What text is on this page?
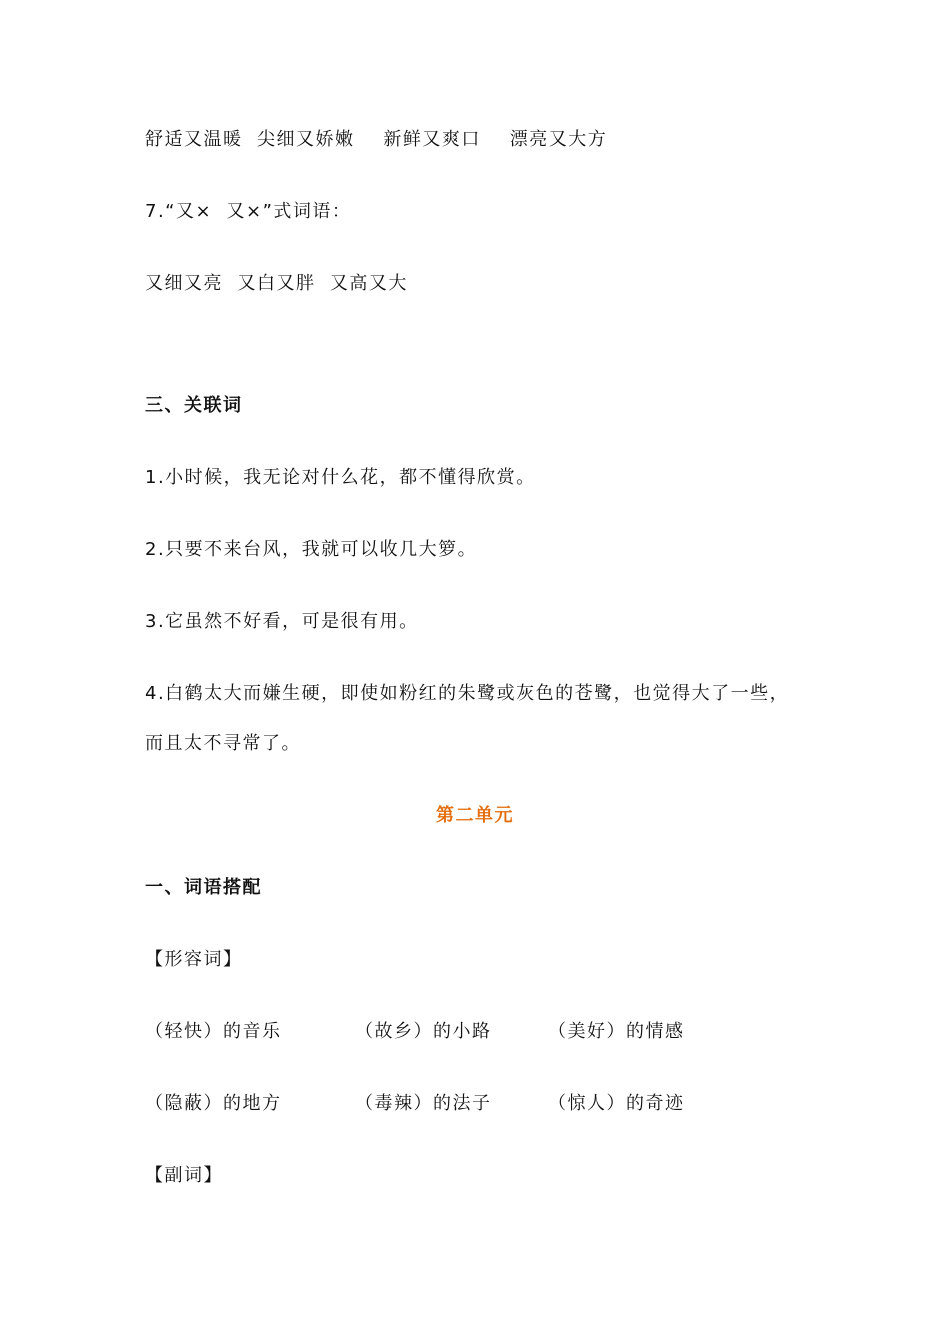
舒适又温暖  尖细又娇嫩    新鲜又爽口    漂亮又大方
7.“又×  又×”式词语：
又细又亮  又白又胖  又高又大
三、关联词
1.小时候，我无论对什么花，都不懂得欣赏。
2.只要不来台风，我就可以收几大箩。
3.它虽然不好看，可是很有用。
4.白鹤太大而嫌生硬，即使如粉红的朱鹭或灰色的苍鹭，也觉得大了一些，
而且太不寻常了。
第二单元
一、词语搭配
【形容词】
（轻快）的音乐	（故乡）的小路	（美好）的情感
（隐蔽）的地方	（毒辣）的法子	（惊人）的奇迹
【副词】
